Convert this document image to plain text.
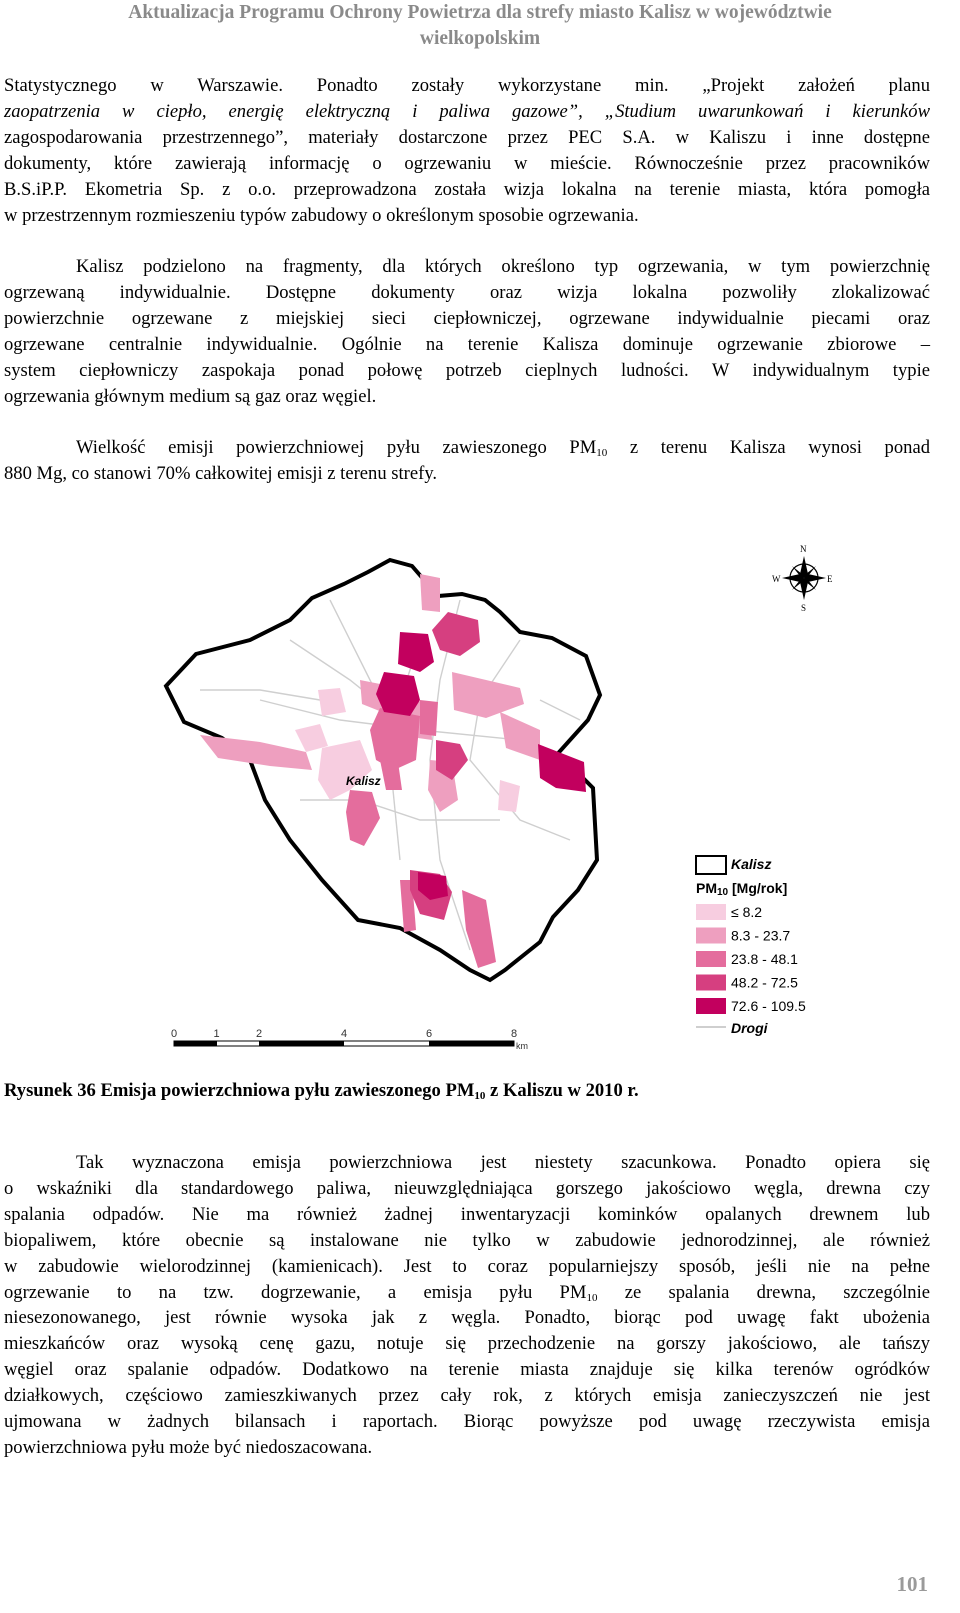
Aktualizacja Programu Ochrony Powietrza dla strefy miasto Kalisz w województwie
wielkopolskim
Statystycznego w Warszawie. Ponadto zostały wykorzystane min. „Projekt założeń planu
zaopatrzenia w ciepło, energię elektryczną i paliwa gazowe”, „Studium uwarunkowań i kierunków
zagospodarowania przestrzennego”, materiały dostarczone przez PEC S.A. w Kaliszu i inne dostępne
dokumenty, które zawierają informację o ogrzewaniu w mieście. Równocześnie przez pracowników
B.S.iP.P. Ekometria Sp. z o.o. przeprowadzona została wizja lokalna na terenie miasta, która pomogła
w przestrzennym rozmieszeniu typów zabudowy o określonym sposobie ogrzewania.
Kalisz podzielono na fragmenty, dla których określono typ ogrzewania, w tym powierzchnię
ogrzewaną indywidualnie. Dostępne dokumenty oraz wizja lokalna pozwoliły zlokalizować
powierzchnie ogrzewane z miejskiej sieci ciepłowniczej, ogrzewane indywidualnie piecami oraz
ogrzewane centralnie indywidualnie. Ogólnie na terenie Kalisza dominuje ogrzewanie zbiorowe –
system ciepłowniczy zaspokaja ponad połowę potrzeb cieplnych ludności. W indywidualnym typie
ogrzewania głównym medium są gaz oraz węgiel.
Wielkość emisji powierzchniowej pyłu zawieszonego $PM_{10}$ z terenu Kalisza wynosi ponad
880 Mg, co stanowi 70% całkowitej emisji z terenu strefy.
Kalisz
N
S
E
W
Kalisz
PM10 [Mg/rok]
≤ 8.2
8.3 - 23.7
23.8 - 48.1
48.2 - 72.5
72.6 - 109.5
Drogi
0	1	2	4	6	8
km
Rysunek 36 Emisja powierzchniowa pyłu zawieszonego $PM_{10}$ z Kaliszu w 2010 r.
Tak wyznaczona emisja powierzchniowa jest niestety szacunkowa. Ponadto opiera się
o wskaźniki dla standardowego paliwa, nieuwzględniająca gorszego jakościowo węgla, drewna czy
spalania odpadów. Nie ma również żadnej inwentaryzacji kominków opalanych drewnem lub
biopaliwem, które obecnie są instalowane nie tylko w zabudowie jednorodzinnej, ale również
w zabudowie wielorodzinnej (kamienicach). Jest to coraz popularniejszy sposób, jeśli nie na pełne
ogrzewanie to na tzw. dogrzewanie, a emisja pyłu $PM_{10}$ ze spalania drewna, szczególnie
niesezonowanego, jest równie wysoka jak z węgla. Ponadto, biorąc pod uwagę fakt ubożenia
mieszkańców oraz wysoką cenę gazu, notuje się przechodzenie na gorszy jakościowo, ale tańszy
węgiel oraz spalanie odpadów. Dodatkowo na terenie miasta znajduje się kilka terenów ogródków
działkowych, częściowo zamieszkiwanych przez cały rok, z których emisja zanieczyszczeń nie jest
ujmowana w żadnych bilansach i raportach. Biorąc powyższe pod uwagę rzeczywista emisja
powierzchniowa pyłu może być niedoszacowana.
101
